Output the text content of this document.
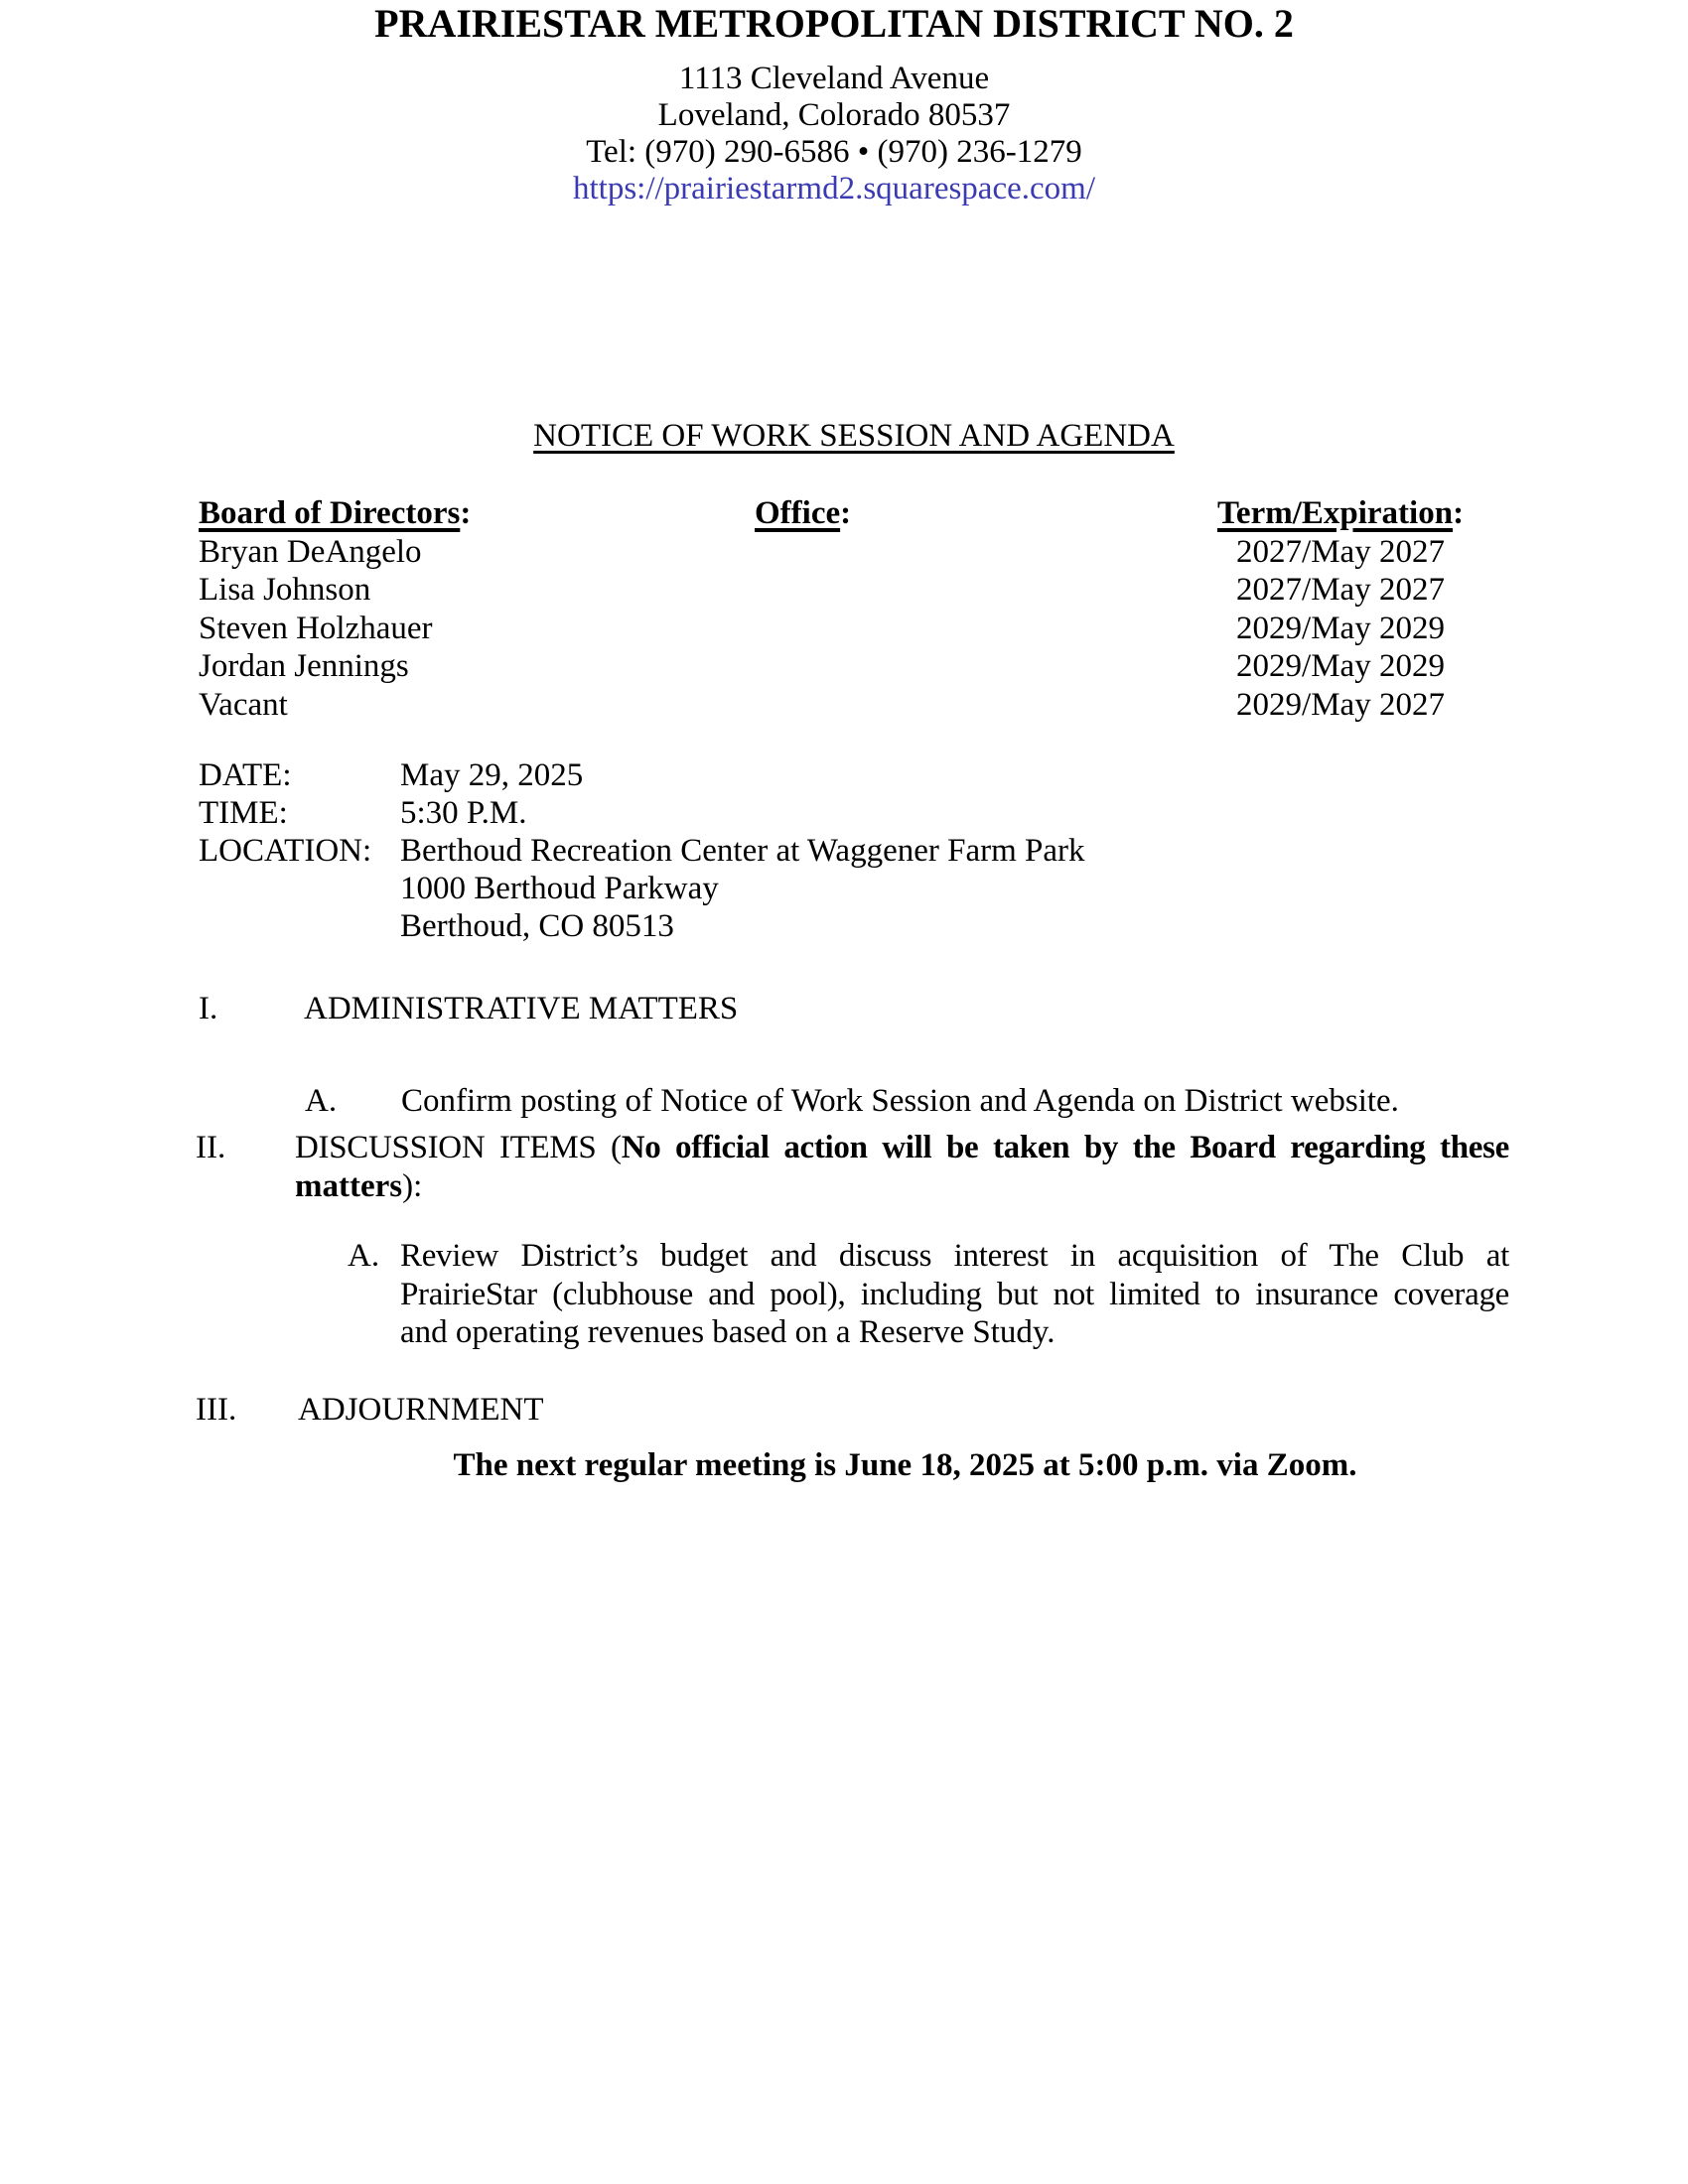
PRAIRIESTAR METROPOLITAN DISTRICT NO. 2
1113 Cleveland Avenue
Loveland, Colorado 80537
Tel: (970) 290-6586 • (970) 236-1279
https://prairiestarmd2.squarespace.com/
NOTICE OF WORK SESSION AND AGENDA
Board of Directors:
Bryan DeAngelo
Lisa Johnson
Steven Holzhauer
Jordan Jennings
Vacant
Office:	Term/Expiration:
2027/May 2027
2027/May 2027
2029/May 2029
2029/May 2029
2029/May 2027
DATE:
TIME:
LOCATION:
May 29, 2025
5:30 P.M.
Berthoud Recreation Center at Waggener Farm Park
1000 Berthoud Parkway
Berthoud, CO 80513
I.	ADMINISTRATIVE MATTERS
A. Confirm posting of Notice of Work Session and Agenda on District website.
II. DISCUSSION ITEMS (No official action will be taken by the Board regarding these
matters):
A. Review District’s budget and discuss interest in acquisition of The Club at
PrairieStar (clubhouse and pool), including but not limited to insurance coverage
and operating revenues based on a Reserve Study.
III. ADJOURNMENT
The next regular meeting is June 18, 2025 at 5:00 p.m. via Zoom.
